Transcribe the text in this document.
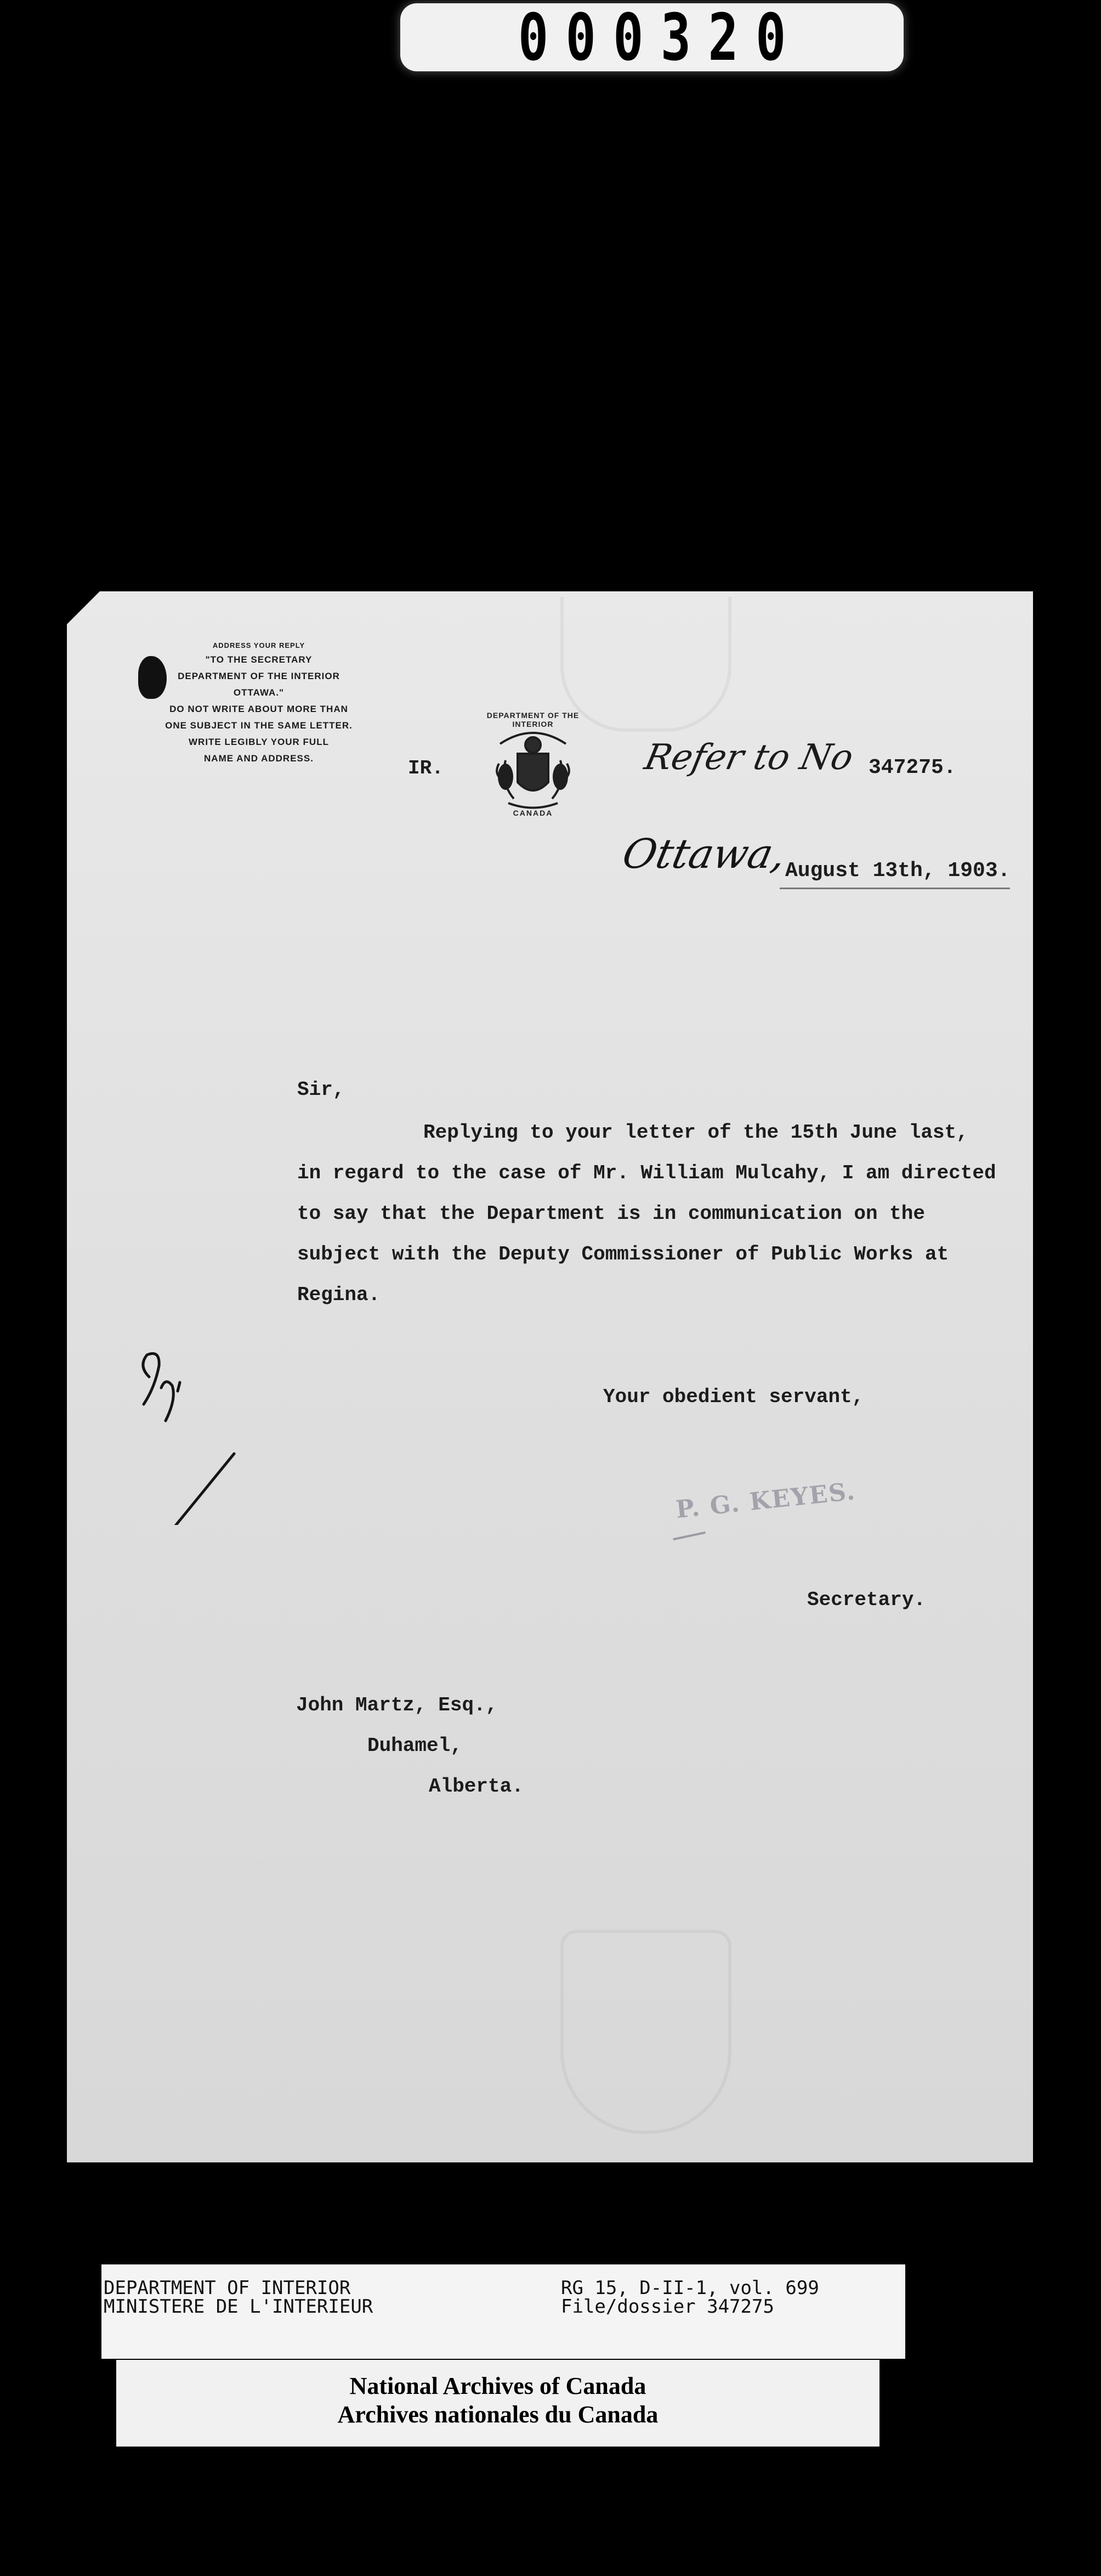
000320
ADDRESS YOUR REPLY
"TO THE SECRETARY
DEPARTMENT OF THE INTERIOR
OTTAWA."
DO NOT WRITE ABOUT MORE THAN
ONE SUBJECT IN THE SAME LETTER.
WRITE LEGIBLY YOUR FULL
NAME AND ADDRESS.	IR.
DEPARTMENT OF THE INTERIOR
CANADA
Refer to No 347275.
Ottawa,
August 13th, 1903.
Sir,
Replying to your letter of the 15th June last,
in regard to the case of Mr. William Mulcahy, I am directed
to say that the Department is in communication on the
subject with the Deputy Commissioner of Public Works at
Regina.
Your obedient servant,
P. G. KEYES.
Secretary.
John Martz, Esq.,
Duhamel,
Alberta.
DEPARTMENT OF INTERIOR
MINISTERE DE L'INTERIEUR
RG 15, D-II-1, vol. 699
File/dossier 347275
National Archives of Canada
Archives nationales du Canada
